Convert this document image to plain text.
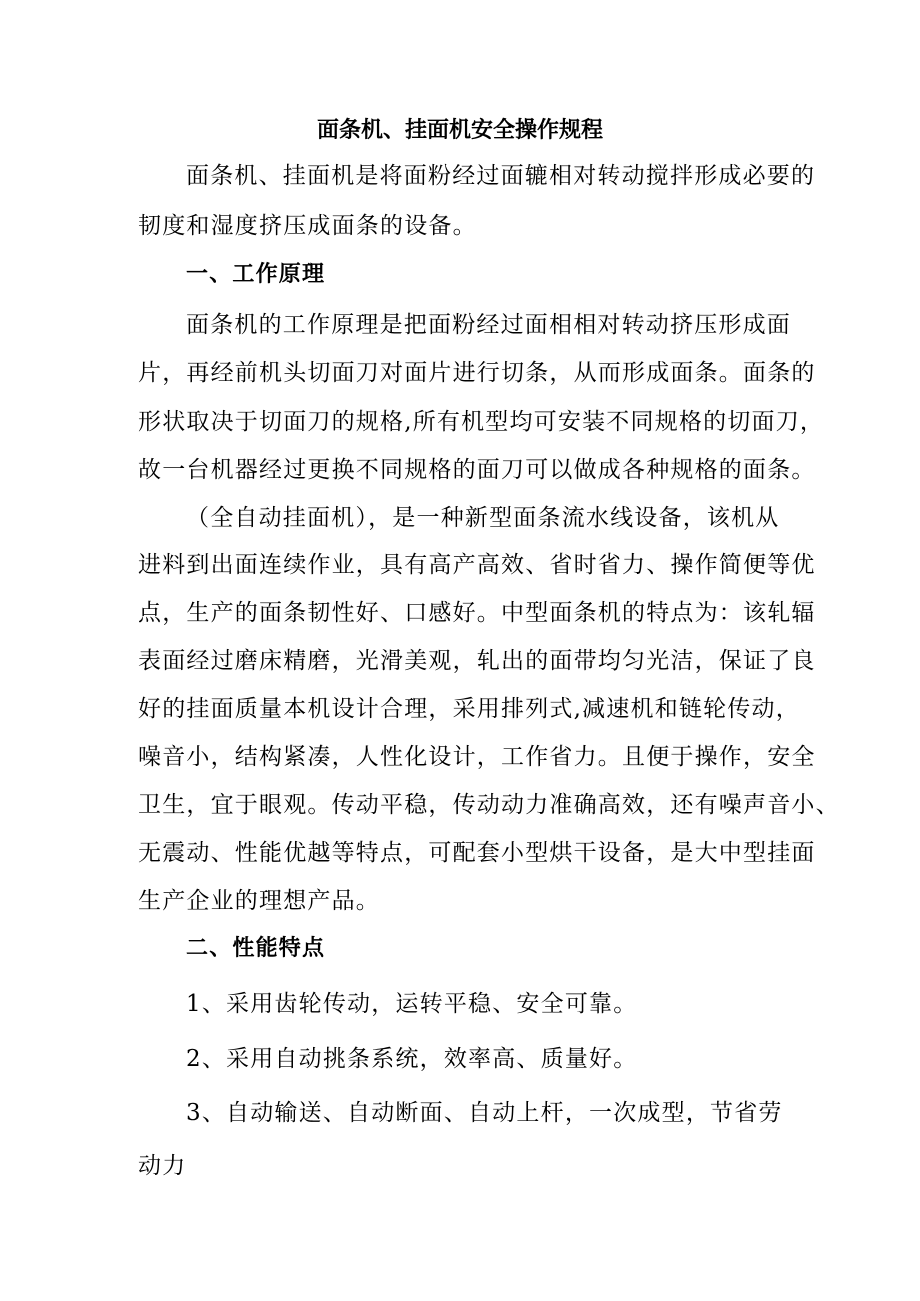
面条机、挂面机安全操作规程
面条机、挂面机是将面粉经过面辘相对转动搅拌形成必要的
韧度和湿度挤压成面条的设备。
一、工作原理
面条机的工作原理是把面粉经过面相相对转动挤压形成面
片，再经前机头切面刀对面片进行切条，从而形成面条。面条的
形状取决于切面刀的规格,所有机型均可安装不同规格的切面刀，
故一台机器经过更换不同规格的面刀可以做成各种规格的面条。
（全自动挂面机），是一种新型面条流水线设备，该机从
进料到出面连续作业，具有高产高效、省时省力、操作简便等优
点，生产的面条韧性好、口感好。中型面条机的特点为：该轧辐
表面经过磨床精磨，光滑美观，轧出的面带均匀光洁，保证了良
好的挂面质量本机设计合理，采用排列式,减速机和链轮传动，
噪音小，结构紧凑，人性化设计，工作省力。且便于操作，安全
卫生，宜于眼观。传动平稳，传动动力准确高效，还有噪声音小、
无震动、性能优越等特点，可配套小型烘干设备，是大中型挂面
生产企业的理想产品。
二、性能特点
1、采用齿轮传动，运转平稳、安全可靠。
2、采用自动挑条系统，效率高、质量好。
3、自动输送、自动断面、自动上杆，一次成型，节省劳
动力
